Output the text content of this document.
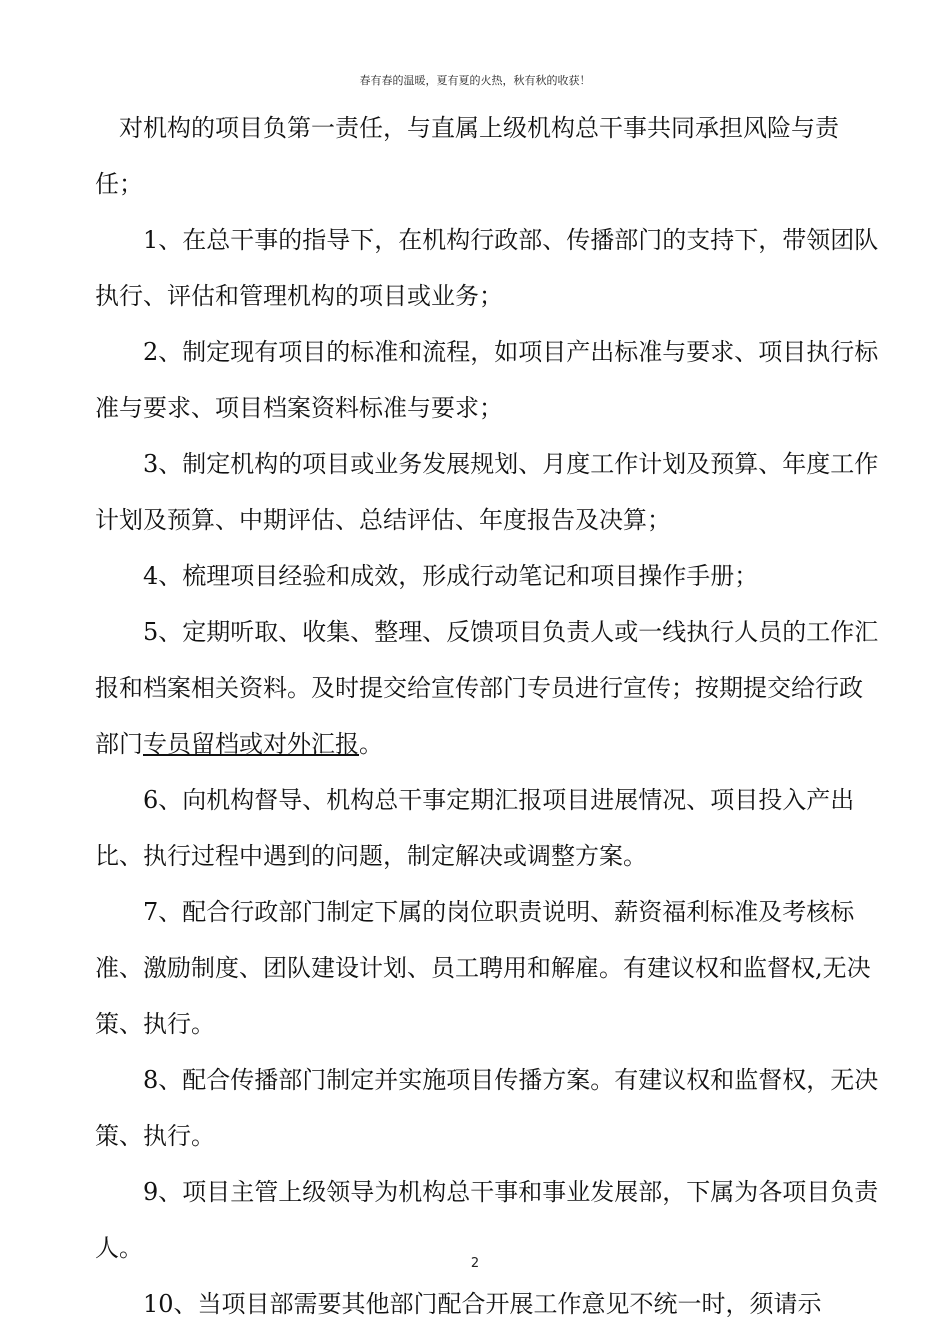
春有春的温暖，夏有夏的火热，秋有秋的收获！

对机构的项目负第一责任，与直属上级机构总干事共同承担风险与责任；

1、在总干事的指导下，在机构行政部、传播部门的支持下，带领团队执行、评估和管理机构的项目或业务；

2、制定现有项目的标准和流程，如项目产出标准与要求、项目执行标准与要求、项目档案资料标准与要求；

3、制定机构的项目或业务发展规划、月度工作计划及预算、年度工作计划及预算、中期评估、总结评估、年度报告及决算；

4、梳理项目经验和成效，形成行动笔记和项目操作手册；

5、定期听取、收集、整理、反馈项目负责人或一线执行人员的工作汇报和档案相关资料。及时提交给宣传部门专员进行宣传；按期提交给行政部门专员留档或对外汇报。

6、向机构督导、机构总干事定期汇报项目进展情况、项目投入产出比、执行过程中遇到的问题，制定解决或调整方案。

7、配合行政部门制定下属的岗位职责说明、薪资福利标准及考核标准、激励制度、团队建设计划、员工聘用和解雇。有建议权和监督权,无决策、执行。

8、配合传播部门制定并实施项目传播方案。有建议权和监督权，无决策、执行。

9、项目主管上级领导为机构总干事和事业发展部，下属为各项目负责人。

10、当项目部需要其他部门配合开展工作意见不统一时，须请示

2
